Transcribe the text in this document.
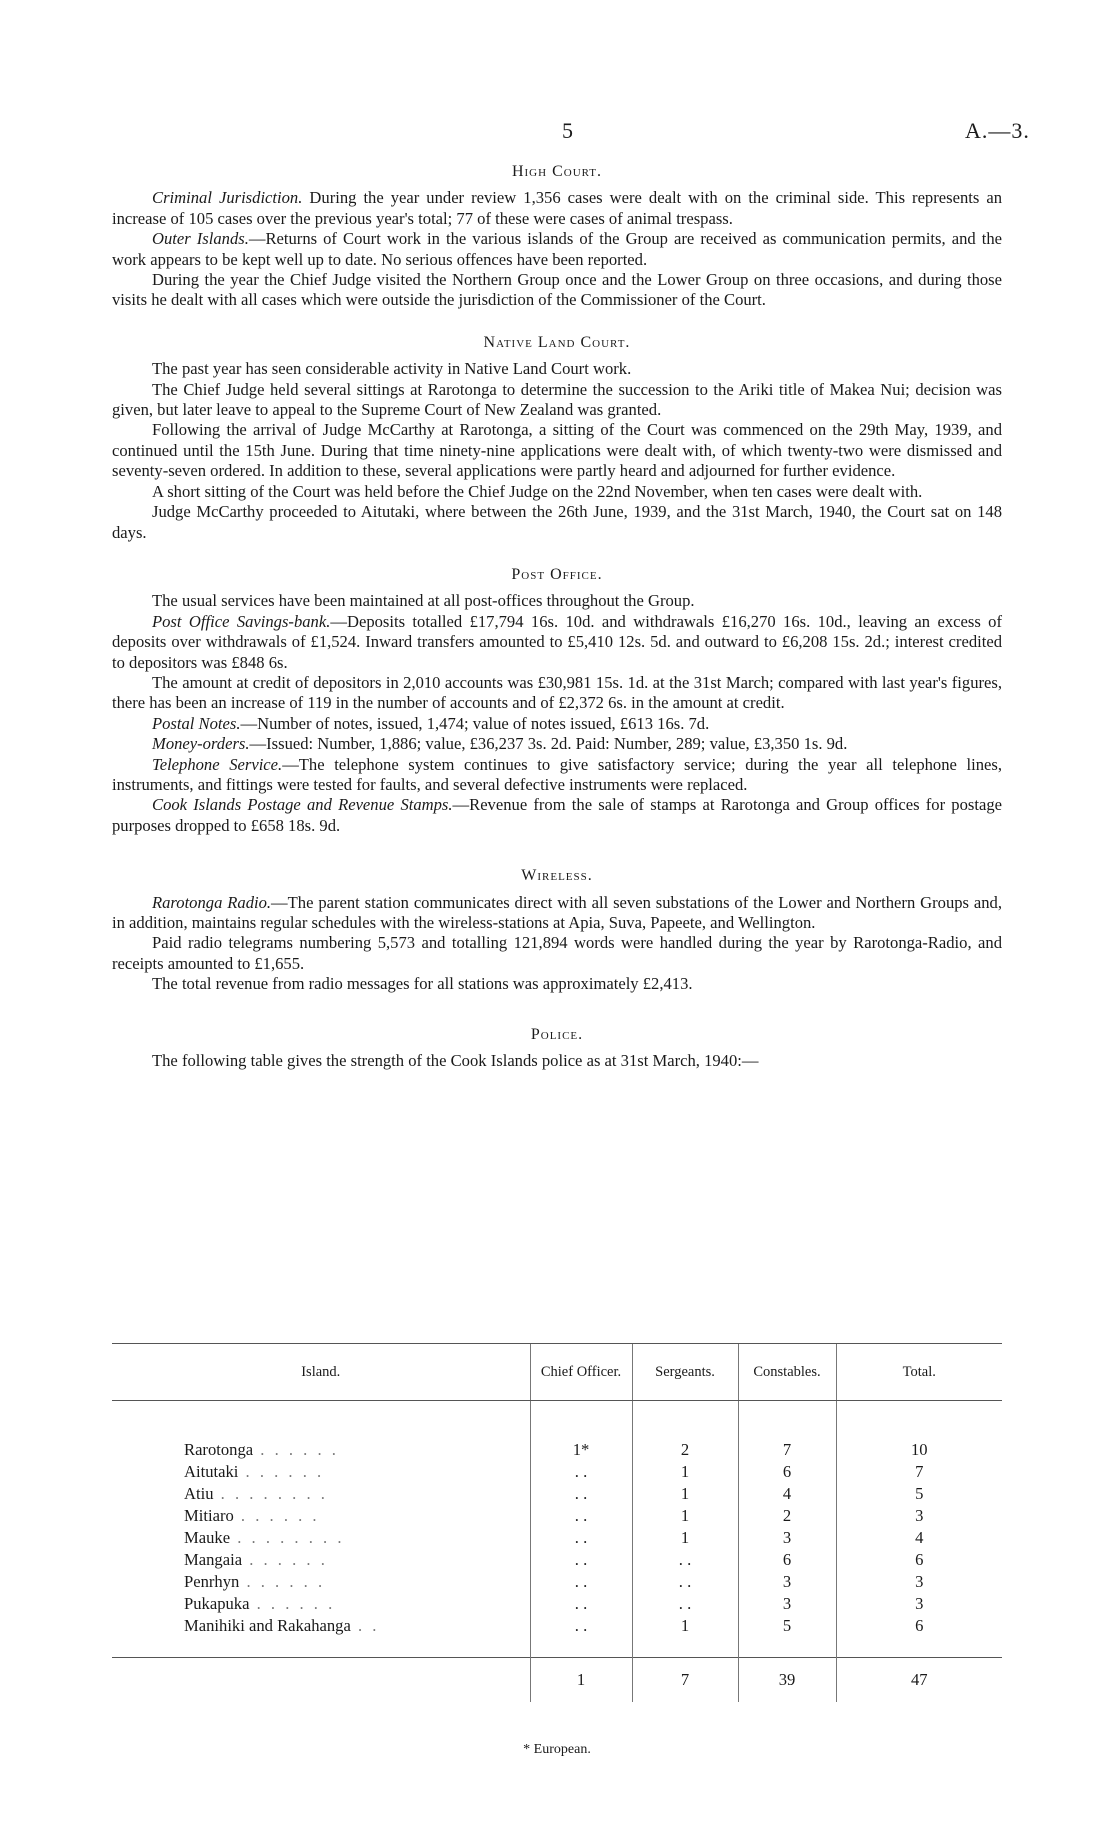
5	A.—3.
High Court.

Criminal Jurisdiction. During the year under review 1,356 cases were dealt with on the criminal side. This represents an increase of 105 cases over the previous year's total; 77 of these were cases of animal trespass.

Outer Islands.—Returns of Court work in the various islands of the Group are received as communication permits, and the work appears to be kept well up to date. No serious offences have been reported.

During the year the Chief Judge visited the Northern Group once and the Lower Group on three occasions, and during those visits he dealt with all cases which were outside the jurisdiction of the Commissioner of the Court.

Native Land Court.

The past year has seen considerable activity in Native Land Court work.

The Chief Judge held several sittings at Rarotonga to determine the succession to the Ariki title of Makea Nui; decision was given, but later leave to appeal to the Supreme Court of New Zealand was granted.

Following the arrival of Judge McCarthy at Rarotonga, a sitting of the Court was commenced on the 29th May, 1939, and continued until the 15th June. During that time ninety-nine applications were dealt with, of which twenty-two were dismissed and seventy-seven ordered. In addition to these, several applications were partly heard and adjourned for further evidence.

A short sitting of the Court was held before the Chief Judge on the 22nd November, when ten cases were dealt with.

Judge McCarthy proceeded to Aitutaki, where between the 26th June, 1939, and the 31st March, 1940, the Court sat on 148 days.

Post Office.

The usual services have been maintained at all post-offices throughout the Group.

Post Office Savings-bank.—Deposits totalled £17,794 16s. 10d. and withdrawals £16,270 16s. 10d., leaving an excess of deposits over withdrawals of £1,524. Inward transfers amounted to £5,410 12s. 5d. and outward to £6,208 15s. 2d.; interest credited to depositors was £848 6s.

The amount at credit of depositors in 2,010 accounts was £30,981 15s. 1d. at the 31st March; compared with last year's figures, there has been an increase of 119 in the number of accounts and of £2,372 6s. in the amount at credit.

Postal Notes.—Number of notes, issued, 1,474; value of notes issued, £613 16s. 7d.

Money-orders.—Issued: Number, 1,886; value, £36,237 3s. 2d. Paid: Number, 289; value, £3,350 1s. 9d.

Telephone Service.—The telephone system continues to give satisfactory service; during the year all telephone lines, instruments, and fittings were tested for faults, and several defective instruments were replaced.

Cook Islands Postage and Revenue Stamps.—Revenue from the sale of stamps at Rarotonga and Group offices for postage purposes dropped to £658 18s. 9d.

Wireless.

Rarotonga Radio.—The parent station communicates direct with all seven substations of the Lower and Northern Groups and, in addition, maintains regular schedules with the wireless-stations at Apia, Suva, Papeete, and Wellington.

Paid radio telegrams numbering 5,573 and totalling 121,894 words were handled during the year by Rarotonga-Radio, and receipts amounted to £1,655.

The total revenue from radio messages for all stations was approximately £2,413.

Police.

The following table gives the strength of the Cook Islands police as at 31st March, 1940:—

Island.	Chief Officer.	Sergeants.	Constables.	Total.
Rarotonga . . . . . .	1*	2	7	10
Aitutaki . . . . . .	. .	1	6	7
Atiu . . . . . . . .	. .	1	4	5
Mitiaro . . . . . .	. .	1	2	3
Mauke . . . . . . . .	. .	1	3	4
Mangaia . . . . . .	. .	. .	6	6
Penrhyn . . . . . .	. .	. .	3	3
Pukapuka . . . . . .	. .	. .	3	3
Manihiki and Rakahanga . .	. .	1	5	6
	1	7	39	47
* European.
